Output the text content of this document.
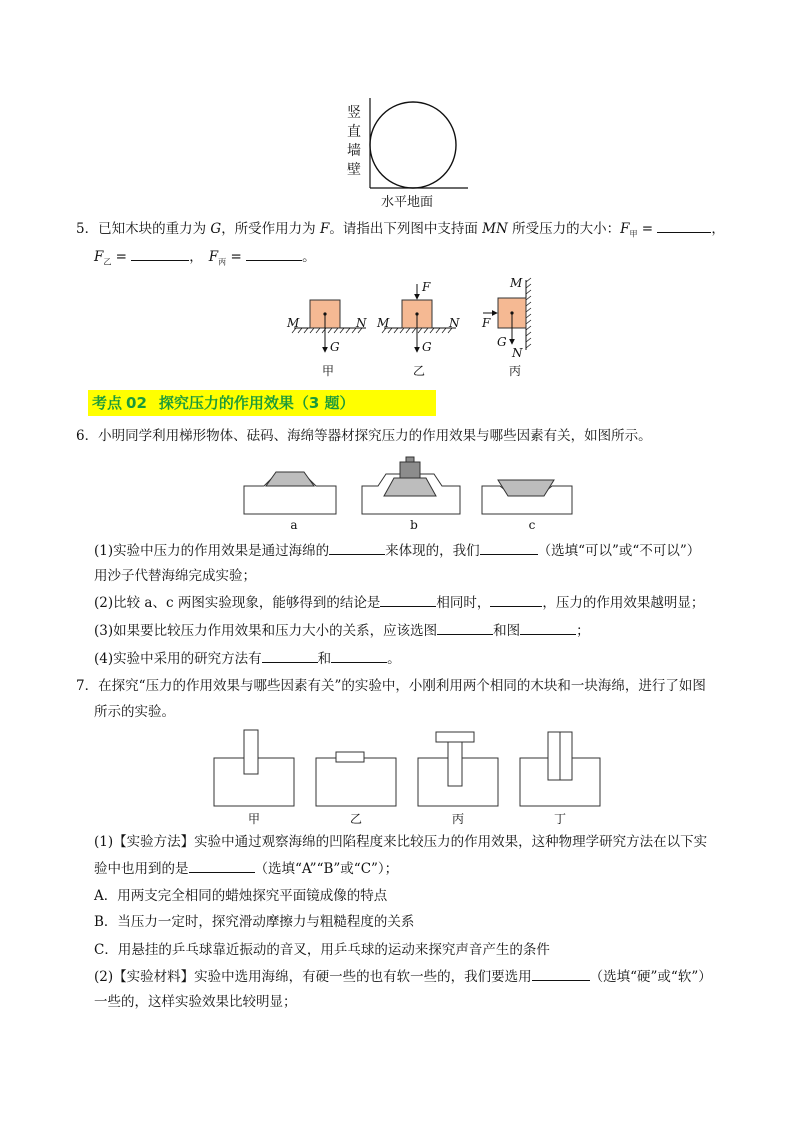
竖直墙壁
水平地面
5．已知木块的重力为 G，所受作用力为 F。请指出下列图中支持面 MN 所受压力的大小：$F_甲$ =	，
$F_乙$ =	， $F_丙$ =	。
M	N
G
M	N
F
G
M
F
G
N
甲	乙	丙
考点 02 探究压力的作用效果（3 题）
6．小明同学利用梯形物体、砝码、海绵等器材探究压力的作用效果与哪些因素有关，如图所示。
a	b	c
(1)实验中压力的作用效果是通过海绵的	来体现的，我们	（选填“可以”或“不可以”）
用沙子代替海绵完成实验；
(2)比较 a、c 两图实验现象，能够得到的结论是	相同时，	，压力的作用效果越明显；
(3)如果要比较压力作用效果和压力大小的关系，应该选图	和图	；
(4)实验中采用的研究方法有	和	。
7．在探究“压力的作用效果与哪些因素有关”的实验中，小刚利用两个相同的木块和一块海绵，进行了如图
所示的实验。
甲	乙	丙	丁
(1)【实验方法】实验中通过观察海绵的凹陷程度来比较压力的作用效果，这种物理学研究方法在以下实
验中也用到的是	（选填“A”“B”或“C”）；
A．用两支完全相同的蜡烛探究平面镜成像的特点
B．当压力一定时，探究滑动摩擦力与粗糙程度的关系
C．用悬挂的乒乓球靠近振动的音叉，用乒乓球的运动来探究声音产生的条件
(2)【实验材料】实验中选用海绵，有硬一些的也有软一些的，我们要选用	（选填“硬”或“软”）
一些的，这样实验效果比较明显；
